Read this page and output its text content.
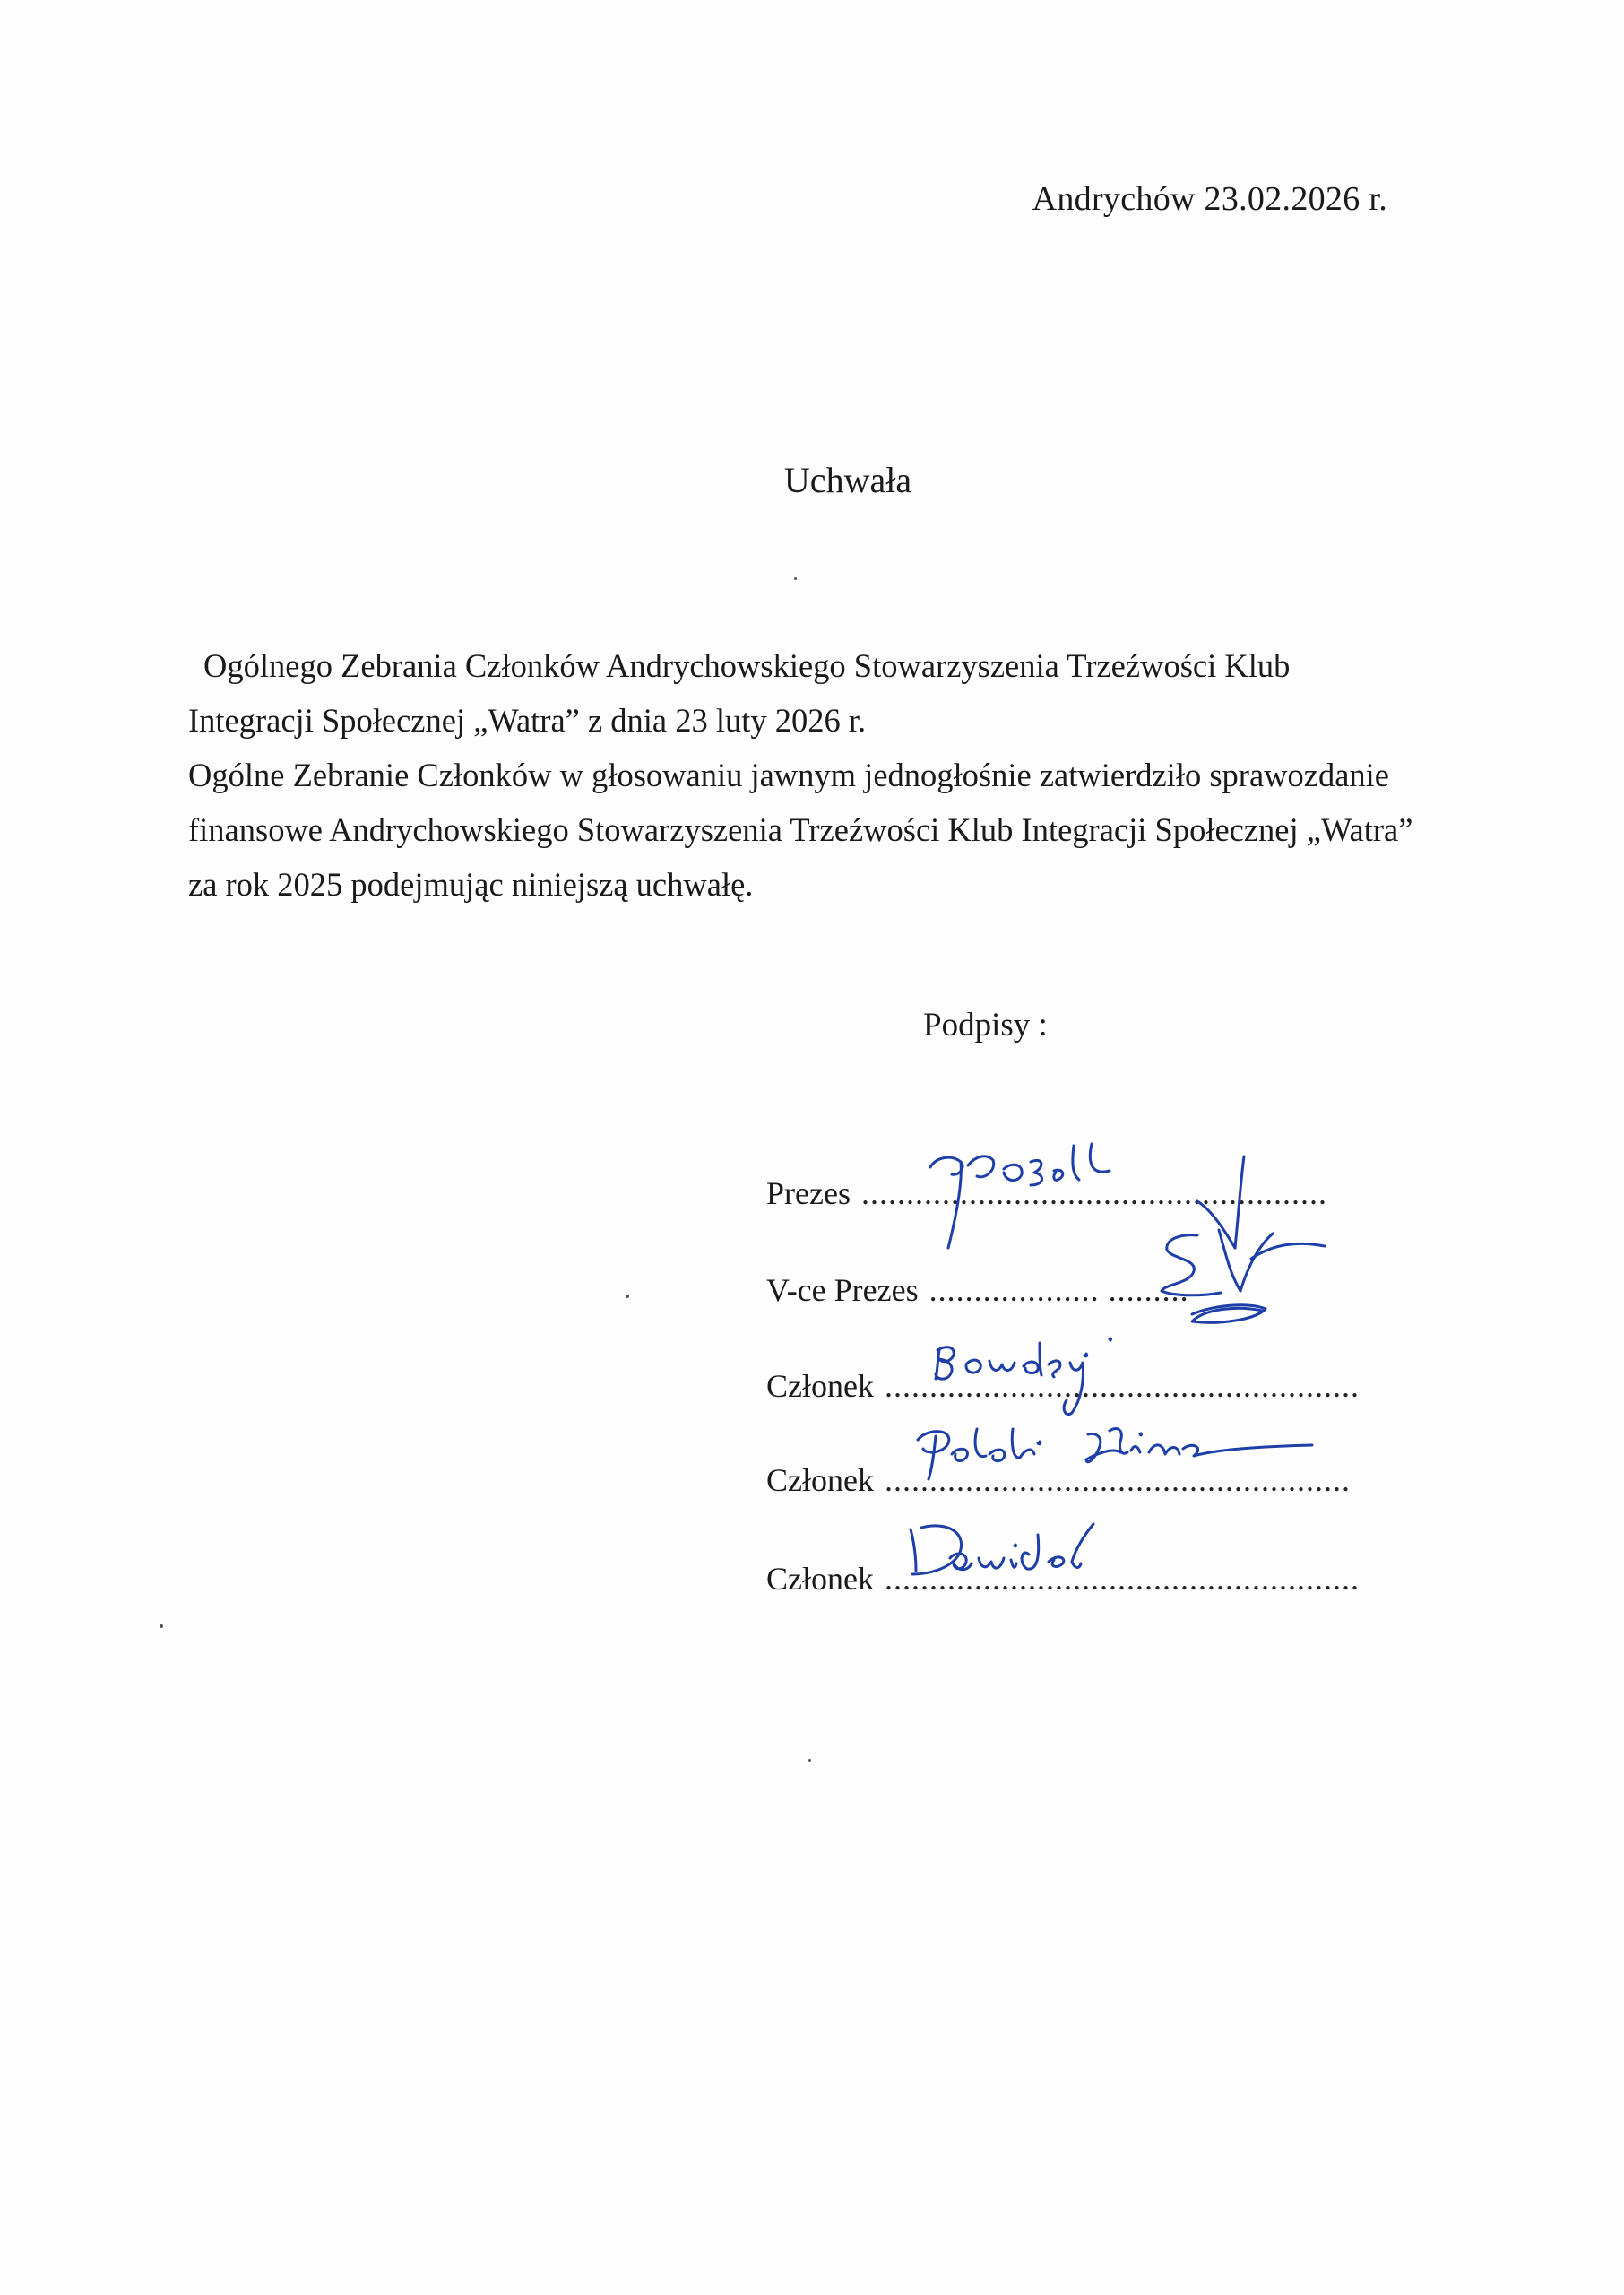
Andrychów 23.02.2026 r.
Uchwała
Ogólnego Zebrania Członków Andrychowskiego Stowarzyszenia Trzeźwości Klub
Integracji Społecznej „Watra” z dnia 23 luty 2026 r.
Ogólne Zebranie Członków w głosowaniu jawnym jednogłośnie zatwierdziło sprawozdanie
finansowe Andrychowskiego Stowarzyszenia Trzeźwości Klub Integracji Społecznej „Watra”
za rok 2025 podejmując niniejszą uchwałę.
Podpisy :
Prezes ....................................................
V-ce Prezes ................... .........
Członek .....................................................
Członek ....................................................
Członek .....................................................
